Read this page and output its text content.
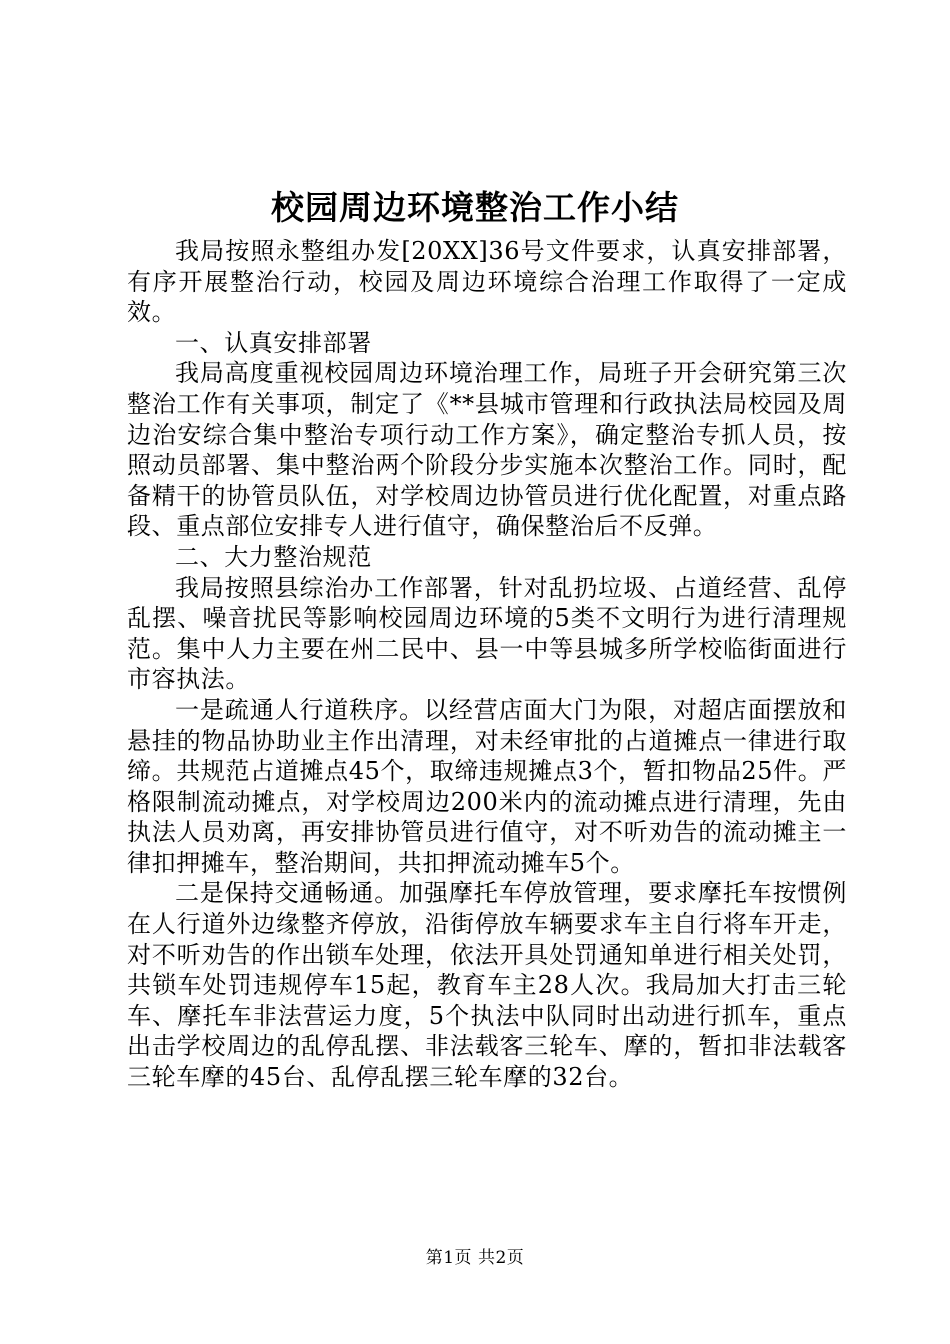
校园周边环境整治工作小结

我局按照永整组办发[20XX]36号文件要求，认真安排部署，有序开展整治行动，校园及周边环境综合治理工作取得了一定成效。

一、认真安排部署

我局高度重视校园周边环境治理工作，局班子开会研究第三次整治工作有关事项，制定了《**县城市管理和行政执法局校园及周边治安综合集中整治专项行动工作方案》，确定整治专抓人员，按照动员部署、集中整治两个阶段分步实施本次整治工作。同时，配备精干的协管员队伍，对学校周边协管员进行优化配置，对重点路段、重点部位安排专人进行值守，确保整治后不反弹。

二、大力整治规范

我局按照县综治办工作部署，针对乱扔垃圾、占道经营、乱停乱摆、噪音扰民等影响校园周边环境的5类不文明行为进行清理规范。集中人力主要在州二民中、县一中等县城多所学校临街面进行市容执法。

一是疏通人行道秩序。以经营店面大门为限，对超店面摆放和悬挂的物品协助业主作出清理，对未经审批的占道摊点一律进行取缔。共规范占道摊点45个，取缔违规摊点3个，暂扣物品25件。严格限制流动摊点，对学校周边200米内的流动摊点进行清理，先由执法人员劝离，再安排协管员进行值守，对不听劝告的流动摊主一律扣押摊车，整治期间，共扣押流动摊车5个。

二是保持交通畅通。加强摩托车停放管理，要求摩托车按惯例在人行道外边缘整齐停放，沿街停放车辆要求车主自行将车开走，对不听劝告的作出锁车处理，依法开具处罚通知单进行相关处罚，共锁车处罚违规停车15起，教育车主28人次。我局加大打击三轮车、摩托车非法营运力度，5个执法中队同时出动进行抓车，重点出击学校周边的乱停乱摆、非法载客三轮车、摩的，暂扣非法载客三轮车摩的45台、乱停乱摆三轮车摩的32台。

第1页 共2页
